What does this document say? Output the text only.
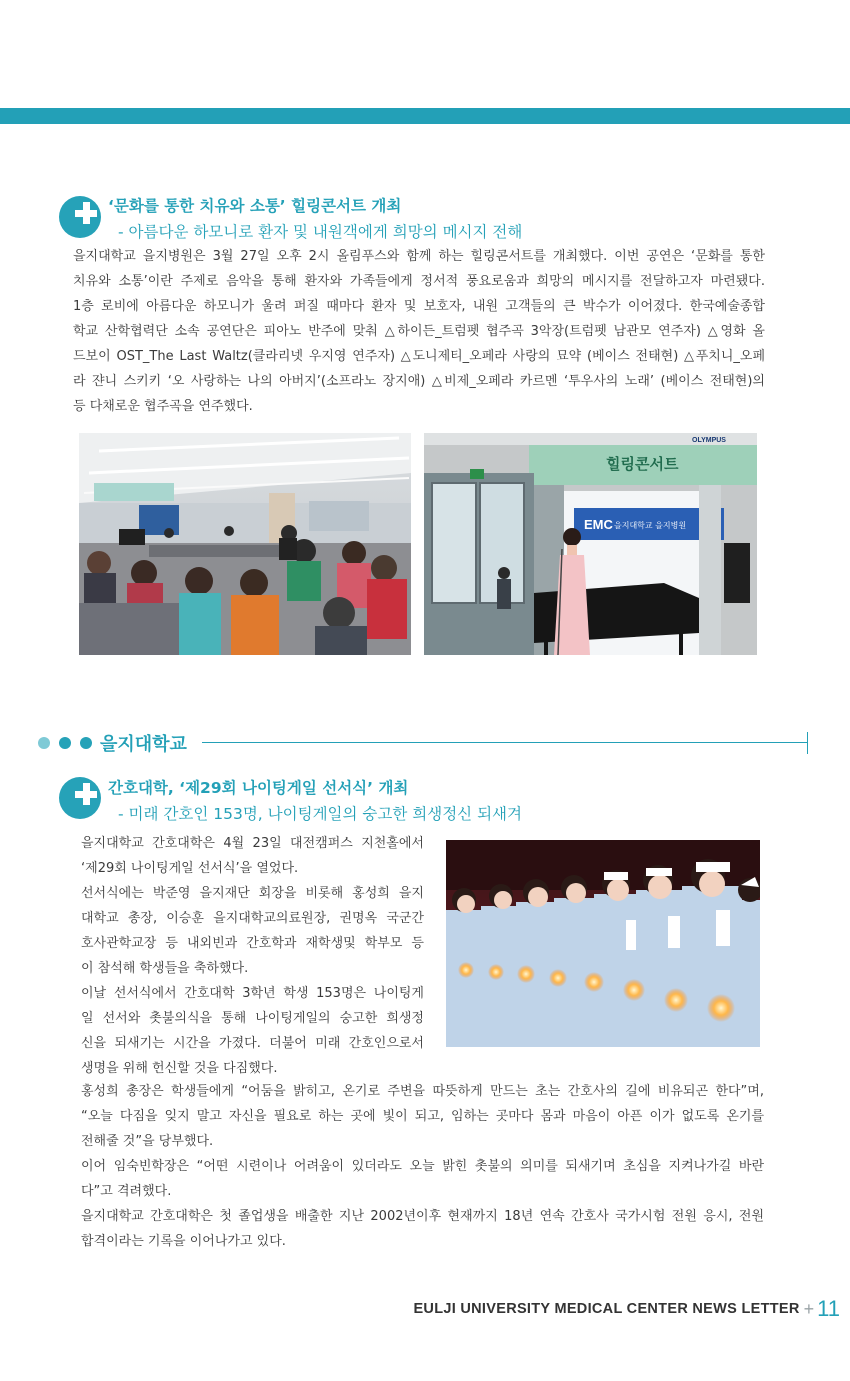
‘문화를 통한 치유와 소통’ 힐링콘서트 개최
- 아름다운 하모니로 환자 및 내원객에게 희망의 메시지 전해

을지대학교 을지병원은 3월 27일 오후 2시 올림푸스와 함께 하는 힐링콘서트를 개최했다. 이번 공연은 ‘문화를 통한

치유와 소통’이란 주제로 음악을 통해 환자와 가족들에게 정서적 풍요로움과 희망의 메시지를 전달하고자 마련됐다.

1층 로비에 아름다운 하모니가 울려 퍼질 때마다 환자 및 보호자, 내원 고객들의 큰 박수가 이어졌다. 한국예술종합

학교 산학협력단 소속 공연단은 피아노 반주에 맞춰 △하이든_트럼펫 협주곡 3악장(트럼펫 남관모 연주자) △영화 올

드보이 OST_The Last Waltz(클라리넷 우지영 연주자) △도니제티_오페라 사랑의 묘약 (베이스 전태현) △푸치니_오페

라 쟌니 스키키 ‘오 사랑하는 나의 아버지’(소프라노 장지애) △비제_오페라 카르멘 ‘투우사의 노래’ (베이스 전태현)의

등 다채로운 협주곡을 연주했다.

힐링콘서트
OLYMPUS
EMC 을지대학교 을지병원
을지대학교
간호대학, ‘제29회 나이팅게일 선서식’ 개최
- 미래 간호인 153명, 나이팅게일의 숭고한 희생정신 되새겨

을지대학교 간호대학은 4월 23일 대전캠퍼스 지천홀에서

‘제29회 나이팅게일 선서식’을 열었다.

선서식에는 박준영 을지재단 회장을 비롯해 홍성희 을지

대학교 총장, 이승훈 을지대학교의료원장, 권명옥 국군간

호사관학교장 등 내외빈과 간호학과 재학생및 학부모 등

이 참석해 학생들을 축하했다.

이날 선서식에서 간호대학 3학년 학생 153명은 나이팅게

일 선서와 촛불의식을 통해 나이팅게일의 숭고한 희생정

신을 되새기는 시간을 가졌다. 더불어 미래 간호인으로서

생명을 위해 헌신할 것을 다짐했다.

홍성희 총장은 학생들에게 “어둠을 밝히고, 온기로 주변을 따뜻하게 만드는 초는 간호사의 길에 비유되곤 한다”며,

“오늘 다짐을 잊지 말고 자신을 필요로 하는 곳에 빛이 되고, 임하는 곳마다 몸과 마음이 아픈 이가 없도록 온기를

전해줄 것”을 당부했다.

이어 임숙빈학장은 “어떤 시련이나 어려움이 있더라도 오늘 밝힌 촛불의 의미를 되새기며 초심을 지켜나가길 바란

다”고 격려했다.

을지대학교 간호대학은 첫 졸업생을 배출한 지난 2002년이후 현재까지 18년 연속 간호사 국가시험 전원 응시, 전원

합격이라는 기록을 이어나가고 있다.

EULJI UNIVERSITY MEDICAL CENTER NEWS LETTER + 11
